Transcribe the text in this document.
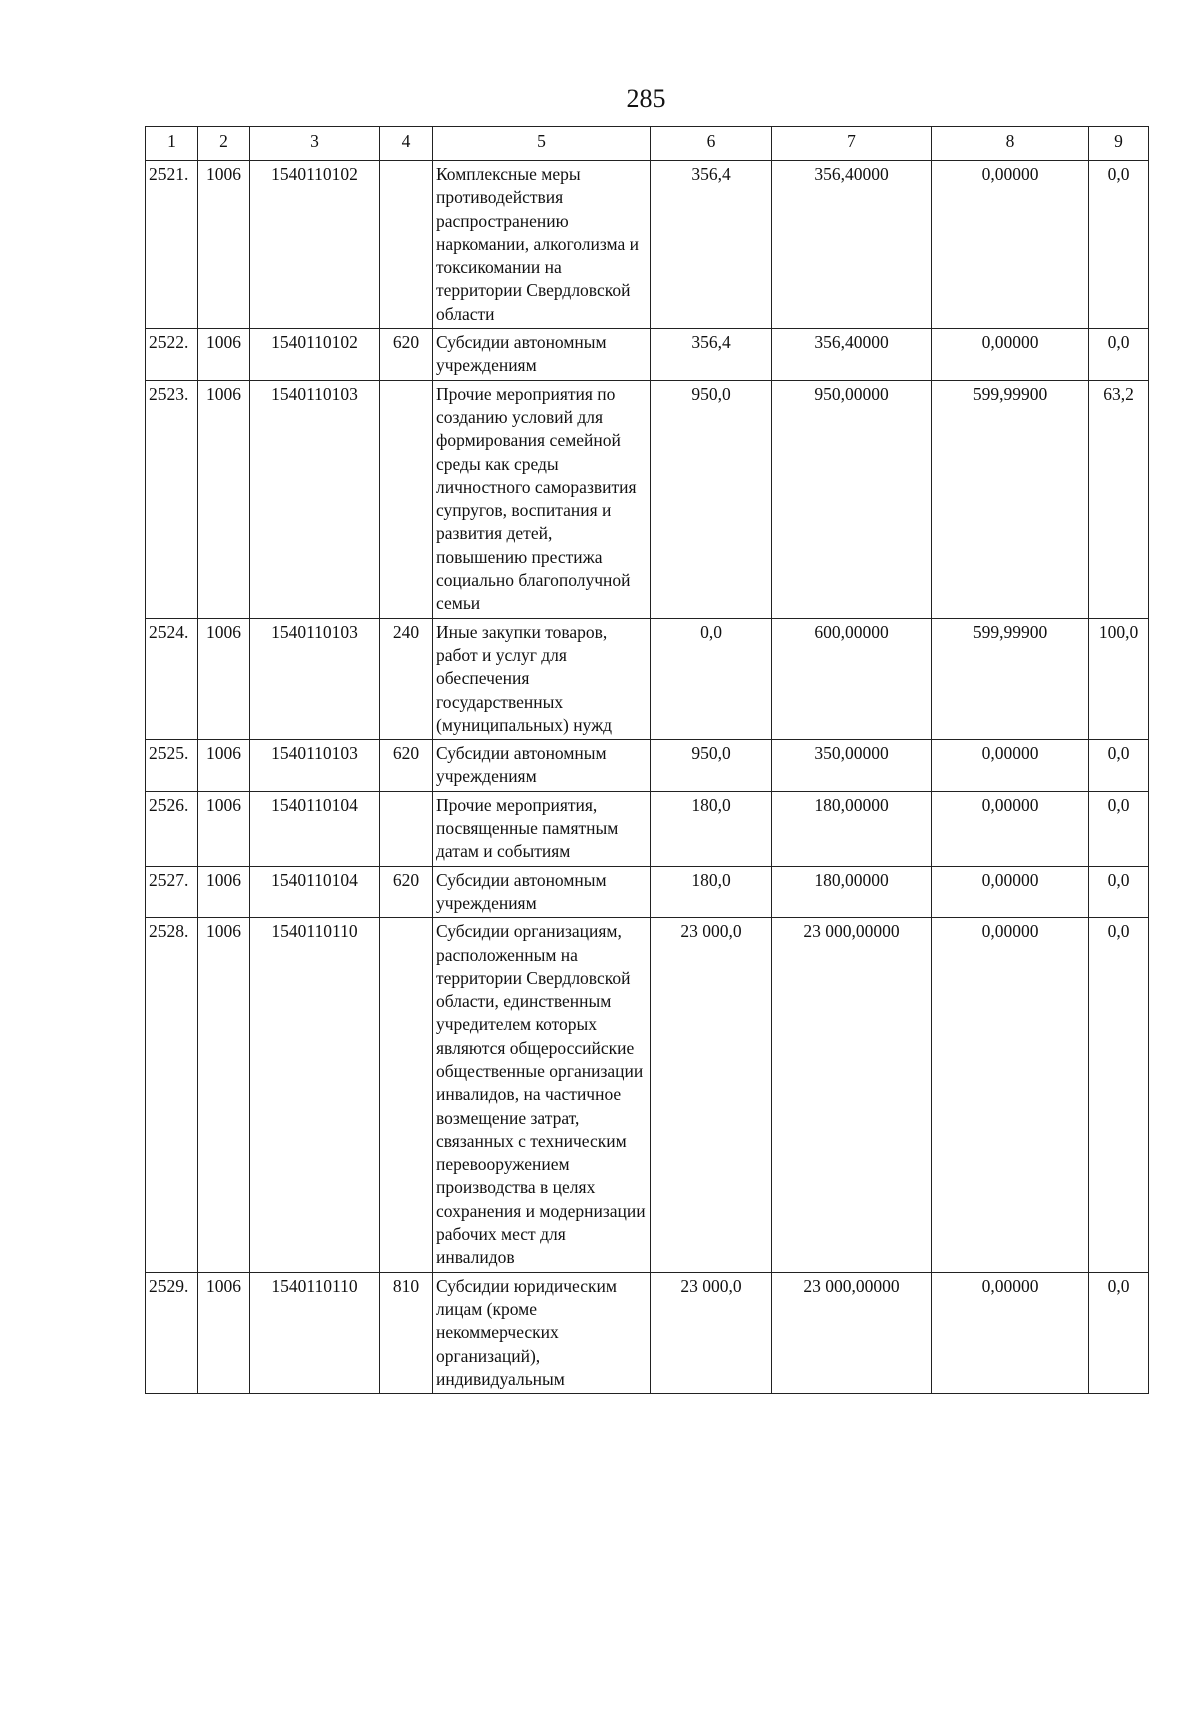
285
1	2	3	4	5	6	7	8	9
2521.	1006	1540110102		Комплексные меры противодействия распространению наркомании, алкоголизма и токсикомании на территории Свердловской области	356,4	356,40000	0,00000	0,0
2522.	1006	1540110102	620	Субсидии автономным учреждениям	356,4	356,40000	0,00000	0,0
2523.	1006	1540110103		Прочие мероприятия по созданию условий для формирования семейной среды как среды личностного саморазвития супругов, воспитания и развития детей, повышению престижа социально благополучной семьи	950,0	950,00000	599,99900	63,2
2524.	1006	1540110103	240	Иные закупки товаров, работ и услуг для обеспечения государственных (муниципальных) нужд	0,0	600,00000	599,99900	100,0
2525.	1006	1540110103	620	Субсидии автономным учреждениям	950,0	350,00000	0,00000	0,0
2526.	1006	1540110104		Прочие мероприятия, посвященные памятным датам и событиям	180,0	180,00000	0,00000	0,0
2527.	1006	1540110104	620	Субсидии автономным учреждениям	180,0	180,00000	0,00000	0,0
2528.	1006	1540110110		Субсидии организациям, расположенным на территории Свердловской области, единственным учредителем которых являются общероссийские общественные организации инвалидов, на частичное возмещение затрат, связанных с техническим перевооружением производства в целях сохранения и модернизации рабочих мест для инвалидов	23 000,0	23 000,00000	0,00000	0,0
2529.	1006	1540110110	810	Субсидии юридическим лицам (кроме некоммерческих организаций), индивидуальным	23 000,0	23 000,00000	0,00000	0,0
